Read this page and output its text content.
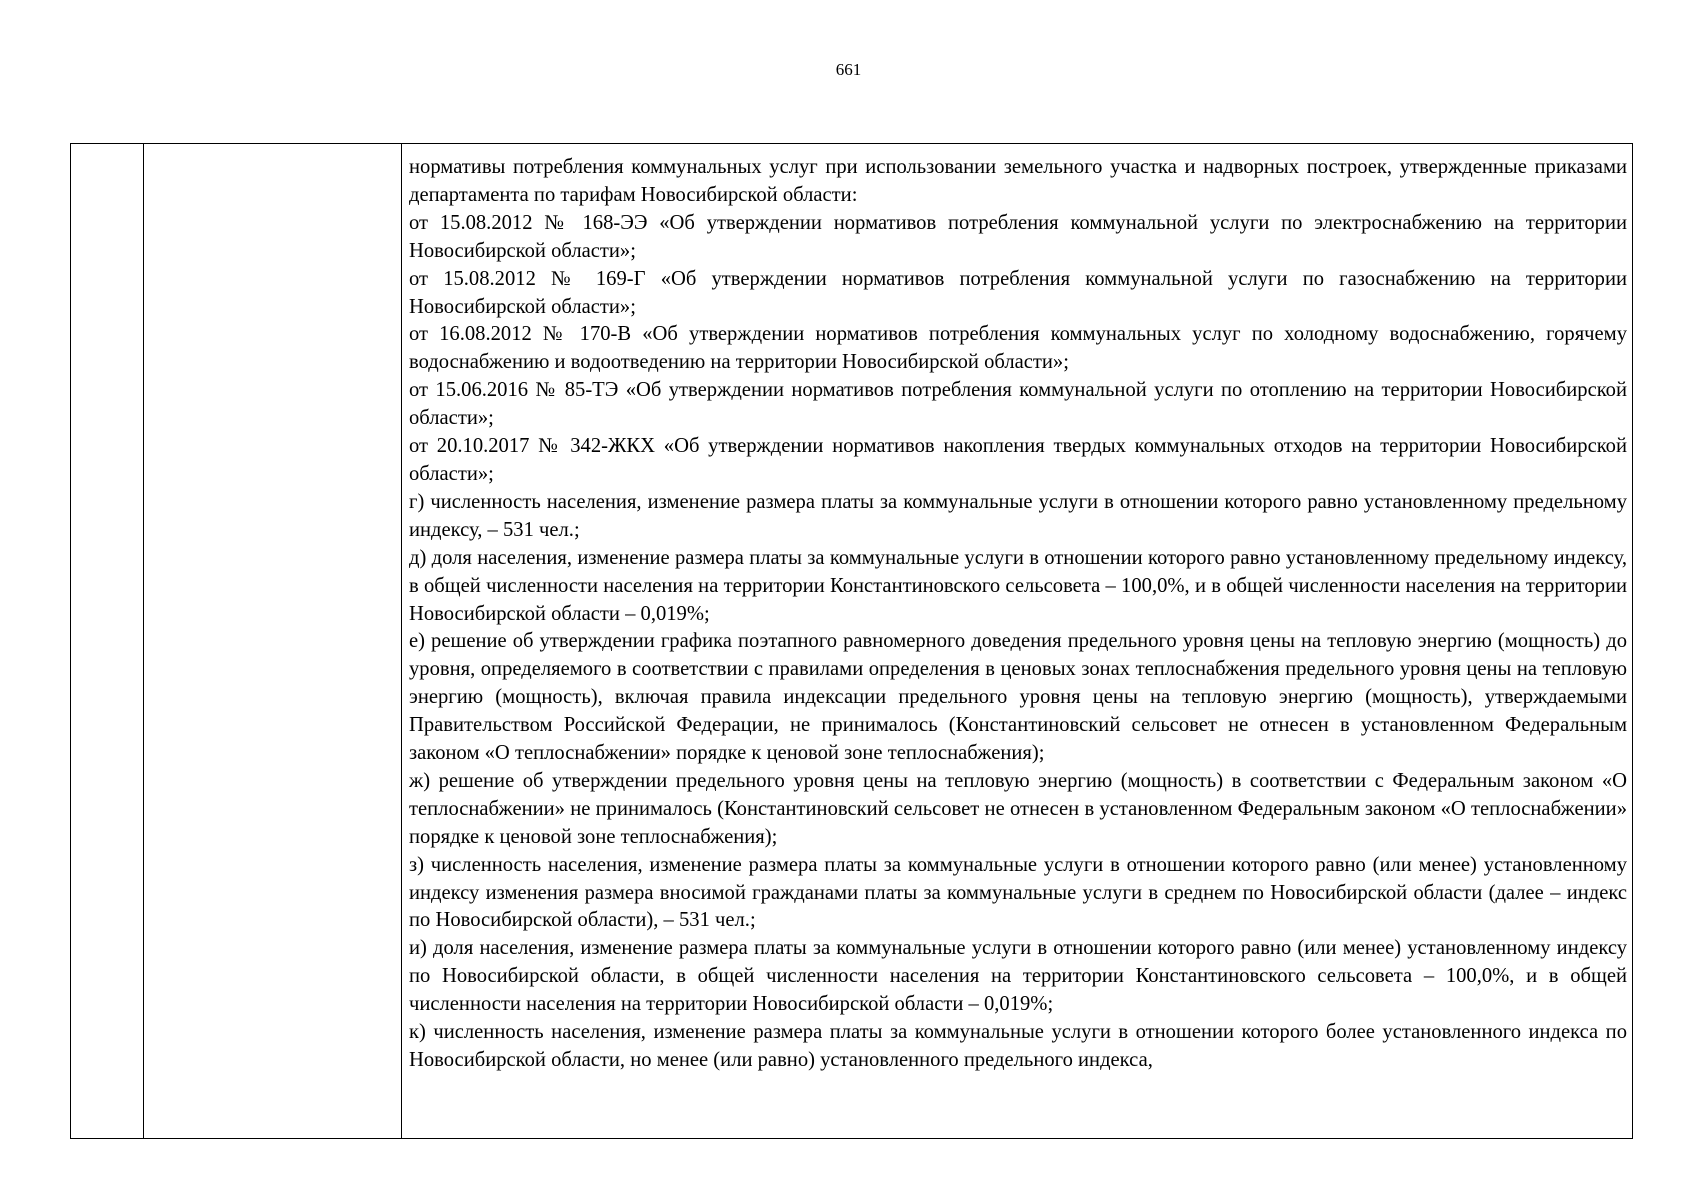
661

нормативы потребления коммунальных услуг при использовании земельного участка и надворных построек, утвержденные приказами департамента по тарифам Новосибирской области:

от 15.08.2012 № 168-ЭЭ «Об утверждении нормативов потребления коммунальной услуги по электроснабжению на территории Новосибирской области»;

от 15.08.2012 № 169-Г «Об утверждении нормативов потребления коммунальной услуги по газоснабжению на территории Новосибирской области»;

от 16.08.2012 № 170-В «Об утверждении нормативов потребления коммунальных услуг по холодному водоснабжению, горячему водоснабжению и водоотведению на территории Новосибирской области»;

от 15.06.2016 № 85-ТЭ «Об утверждении нормативов потребления коммунальной услуги по отоплению на территории Новосибирской области»;

от 20.10.2017 № 342-ЖКХ «Об утверждении нормативов накопления твердых коммунальных отходов на территории Новосибирской области»;

г) численность населения, изменение размера платы за коммунальные услуги в отношении которого равно установленному предельному индексу, – 531 чел.;

д) доля населения, изменение размера платы за коммунальные услуги в отношении которого равно установленному предельному индексу, в общей численности населения на территории Константиновского сельсовета – 100,0%, и в общей численности населения на территории Новосибирской области – 0,019%;

е) решение об утверждении графика поэтапного равномерного доведения предельного уровня цены на тепловую энергию (мощность) до уровня, определяемого в соответствии с правилами определения в ценовых зонах теплоснабжения предельного уровня цены на тепловую энергию (мощность), включая правила индексации предельного уровня цены на тепловую энергию (мощность), утверждаемыми Правительством Российской Федерации, не принималось (Константиновский сельсовет не отнесен в установленном Федеральным законом «О теплоснабжении» порядке к ценовой зоне теплоснабжения);

ж) решение об утверждении предельного уровня цены на тепловую энергию (мощность) в соответствии с Федеральным законом «О теплоснабжении» не принималось (Константиновский сельсовет не отнесен в установленном Федеральным законом «О теплоснабжении» порядке к ценовой зоне теплоснабжения);

з) численность населения, изменение размера платы за коммунальные услуги в отношении которого равно (или менее) установленному индексу изменения размера вносимой гражданами платы за коммунальные услуги в среднем по Новосибирской области (далее – индекс по Новосибирской области), – 531 чел.;

и) доля населения, изменение размера платы за коммунальные услуги в отношении которого равно (или менее) установленному индексу по Новосибирской области, в общей численности населения на территории Константиновского сельсовета – 100,0%, и в общей численности населения на территории Новосибирской области – 0,019%;

к) численность населения, изменение размера платы за коммунальные услуги в отношении которого более установленного индекса по Новосибирской области, но менее (или равно) установленного предельного индекса,
